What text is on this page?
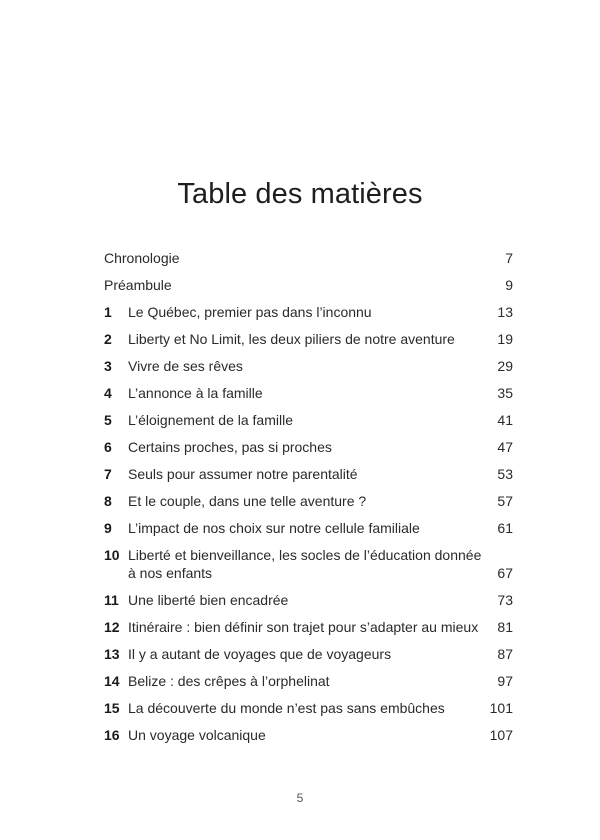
Table des matières
Chronologie	7
Préambule	9
1 Le Québec, premier pas dans l’inconnu	13
2 Liberty et No Limit, les deux piliers de notre aventure	19
3 Vivre de ses rêves	29
4 L’annonce à la famille	35
5 L’éloignement de la famille	41
6 Certains proches, pas si proches	47
7 Seuls pour assumer notre parentalité	53
8 Et le couple, dans une telle aventure ?	57
9 L’impact de nos choix sur notre cellule familiale	61
10 Liberté et bienveillance, les socles de l’éducation donnée à nos enfants	67
11 Une liberté bien encadrée	73
12 Itinéraire : bien définir son trajet pour s’adapter au mieux	81
13 Il y a autant de voyages que de voyageurs	87
14 Belize : des crêpes à l’orphelinat	97
15 La découverte du monde n’est pas sans embûches	101
16 Un voyage volcanique	107
5
